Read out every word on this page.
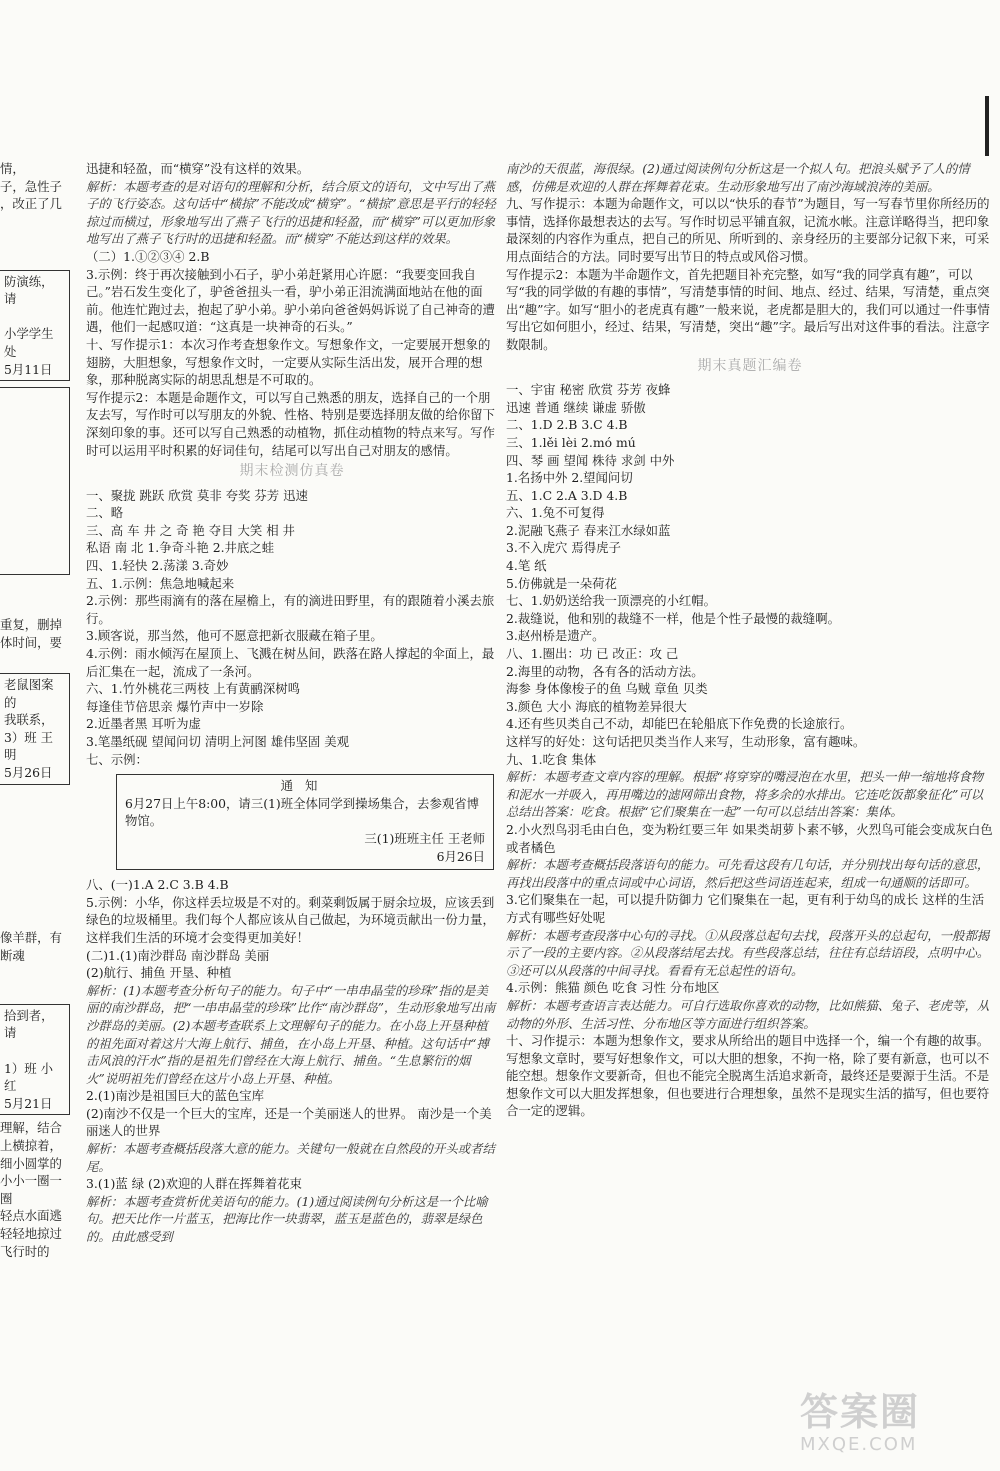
情，

子，急性子

，改正了几

防演练，请

小学学生处

5月11日

重复，删掉

体时间，要

老鼠图案的

我联系，

3）班 王明

5月26日

像羊群，有

断魂

拾到者，请

1）班 小红

5月21日

理解，结合

上横掠着，

细小圆掌的

小小一圈一圈

轻点水面逃

轻轻地掠过

飞行时的

迅捷和轻盈，而“横穿”没有这样的效果。

解析：本题考查的是对语句的理解和分析，结合原文的语句，文中写出了燕子的飞行姿态。这句话中“横掠”不能改成“横穿”。“横掠”意思是平行的轻轻掠过而横过，形象地写出了燕子飞行的迅捷和轻盈，而“横穿”可以更加形象地写出了燕子飞行时的迅捷和轻盈。而“横穿”不能达到这样的效果。

（二）1.①②③④ 2.B

3.示例：终于再次接触到小石子，驴小弟赶紧用心许愿：“我要变回我自己。”岩石发生变化了，驴爸爸扭头一看，驴小弟正泪流满面地站在他的面前。他连忙跑过去，抱起了驴小弟。驴小弟向爸爸妈妈诉说了自己神奇的遭遇，他们一起感叹道：“这真是一块神奇的石头。”

十、写作提示1：本次习作考查想象作文。写想象作文，一定要展开想象的翅膀，大胆想象，写想象作文时，一定要从实际生活出发，展开合理的想象，那种脱离实际的胡思乱想是不可取的。

写作提示2：本题是命题作文，可以写自己熟悉的朋友，选择自己的一个朋友去写，写作时可以写朋友的外貌、性格、特别是要选择朋友做的给你留下深刻印象的事。还可以写自己熟悉的动植物，抓住动植物的特点来写。写作时可以运用平时积累的好词佳句，结尾可以写出自己对朋友的感情。

期末检测仿真卷

一、聚拢 跳跃 欣赏 莫非 夸奖 芬芳 迅速

二、略

三、高 车 井 之 奇 艳 夺目 大笑 相 井

私语 南 北 1.争奇斗艳 2.井底之蛙

四、1.轻快 2.荡漾 3.奇妙

五、1.示例：焦急地喊起来

2.示例：那些雨滴有的落在屋檐上，有的滴进田野里，有的跟随着小溪去旅行。

3.顾客说，那当然，他可不愿意把新衣服藏在箱子里。

4.示例：雨水倾泻在屋顶上、飞溅在树丛间，跌落在路人撑起的伞面上，最后汇集在一起，流成了一条河。

六、1.竹外桃花三两枝 上有黄鹂深树鸣

每逢佳节倍思亲 爆竹声中一岁除

2.近墨者黑 耳听为虚

3.笔墨纸砚 望闻问切 清明上河图 雄伟坚固 美观

七、示例：

通知

6月27日上午8:00，请三(1)班全体同学到操场集合，去参观省博物馆。

三(1)班班主任 王老师

6月26日

八、(一)1.A 2.C 3.B 4.B

5.示例：小华，你这样丢垃圾是不对的。剩菜剩饭属于厨余垃圾，应该丢到绿色的垃圾桶里。我们每个人都应该从自己做起，为环境贡献出一份力量，这样我们生活的环境才会变得更加美好！

(二)1.(1)南沙群岛 南沙群岛 美丽

(2)航行、捕鱼 开垦、种植

解析：(1)本题考查分析句子的能力。句子中“一串串晶莹的珍珠”指的是美丽的南沙群岛，把“一串串晶莹的珍珠”比作“南沙群岛”，生动形象地写出南沙群岛的美丽。(2)本题考查联系上文理解句子的能力。在小岛上开垦种植的祖先面对着这片大海上航行、捕鱼，在小岛上开垦、种植。这句话中“搏击风浪的汗水”指的是祖先们曾经在大海上航行、捕鱼。“生息繁衍的烟火”说明祖先们曾经在这片小岛上开垦、种植。

2.(1)南沙是祖国巨大的蓝色宝库

(2)南沙不仅是一个巨大的宝库，还是一个美丽迷人的世界。 南沙是一个美丽迷人的世界

解析：本题考查概括段落大意的能力。关键句一般就在自然段的开头或者结尾。

3.(1)蓝 绿 (2)欢迎的人群在挥舞着花束

解析：本题考查赏析优美语句的能力。(1)通过阅读例句分析这是一个比喻句。把天比作一片蓝玉，把海比作一块翡翠，蓝玉是蓝色的，翡翠是绿色的。由此感受到

南沙的天很蓝，海很绿。(2)通过阅读例句分析这是一个拟人句。把浪头赋予了人的情感，仿佛是欢迎的人群在挥舞着花束。生动形象地写出了南沙海域浪涛的美丽。

九、写作提示：本题为命题作文，可以以“快乐的春节”为题目，写一写春节里你所经历的事情，选择你最想表达的去写。写作时切忌平铺直叙，记流水帐。注意详略得当，把印象最深刻的内容作为重点，把自己的所见、所听到的、亲身经历的主要部分记叙下来，可采用点面结合的方法。同时要写出节日的特点或风俗习惯。

写作提示2：本题为半命题作文，首先把题目补充完整，如写“我的同学真有趣”，可以写“我的同学做的有趣的事情”，写清楚事情的时间、地点、经过、结果，写清楚，重点突出“趣”字。如写“胆小的老虎真有趣”一般来说，老虎都是胆大的，我们可以通过一件事情写出它如何胆小，经过、结果，写清楚，突出“趣”字。最后写出对这件事的看法。注意字数限制。

期末真题汇编卷

一、宇宙 秘密 欣赏 芬芳 夜蜂

迅速 普通 继续 谦虚 骄傲

二、1.D 2.B 3.C 4.B

三、1.lěi lèi 2.mó mú

四、琴 画 望闻 株待 求剑 中外

1.名扬中外 2.望闻问切

五、1.C 2.A 3.D 4.B

六、1.兔不可复得

2.泥融飞燕子 春来江水绿如蓝

3.不入虎穴 焉得虎子

4.笔 纸

5.仿佛就是一朵荷花

七、1.奶奶送给我一顶漂亮的小红帽。

2.裁缝说，他和别的裁缝不一样，他是个性子最慢的裁缝啊。

3.赵州桥是遗产。

八、1.圈出：功 已 改正：攻 己

2.海里的动物，各有各的活动方法。

海参 身体像梭子的鱼 乌贼 章鱼 贝类

3.颜色 大小 海底的植物差异很大

4.还有些贝类自己不动，却能巴在轮船底下作免费的长途旅行。

这样写的好处：这句话把贝类当作人来写，生动形象，富有趣味。

九、1.吃食 集体

解析：本题考查文章内容的理解。根据“将穿穿的嘴浸泡在水里，把头一伸一缩地将食物和泥水一并吸入，再用嘴边的滤网筛出食物，将多余的水排出。它连吃饭都象征化”可以总结出答案：吃食。根据“它们聚集在一起”一句可以总结出答案：集体。

2.小火烈鸟羽毛由白色，变为粉红要三年 如果类胡萝卜素不够，火烈鸟可能会变成灰白色或者橘色

解析：本题考查概括段落语句的能力。可先看这段有几句话，并分别找出每句话的意思，再找出段落中的重点词或中心词语，然后把这些词语连起来，组成一句通顺的话即可。

3.它们聚集在一起，可以提升防御力 它们聚集在一起，更有利于幼鸟的成长 这样的生活方式有哪些好处呢

解析：本题考查段落中心句的寻找。①从段落总起句去找，段落开头的总起句，一般都揭示了一段的主要内容。②从段落结尾去找。有些段落总结，往往有总结语段，点明中心。③还可以从段落的中间寻找。看看有无总起性的语句。

4.示例：熊猫 颜色 吃食 习性 分布地区

解析：本题考查语言表达能力。可自行选取你喜欢的动物，比如熊猫、兔子、老虎等，从动物的外形、生活习性、分布地区等方面进行组织答案。

十、习作提示：本题为想象作文，要求从所给出的题目中选择一个，编一个有趣的故事。写想象文章时，要写好想象作文，可以大胆的想象，不拘一格，除了要有新意，也可以不能空想。想象作文要新奇，但也不能完全脱离生活追求新奇，最终还是要源于生活。不是想象作文可以大胆发挥想象，但也要进行合理想象，虽然不是现实生活的描写，但也要符合一定的逻辑。

答案圈
MXQE.COM
